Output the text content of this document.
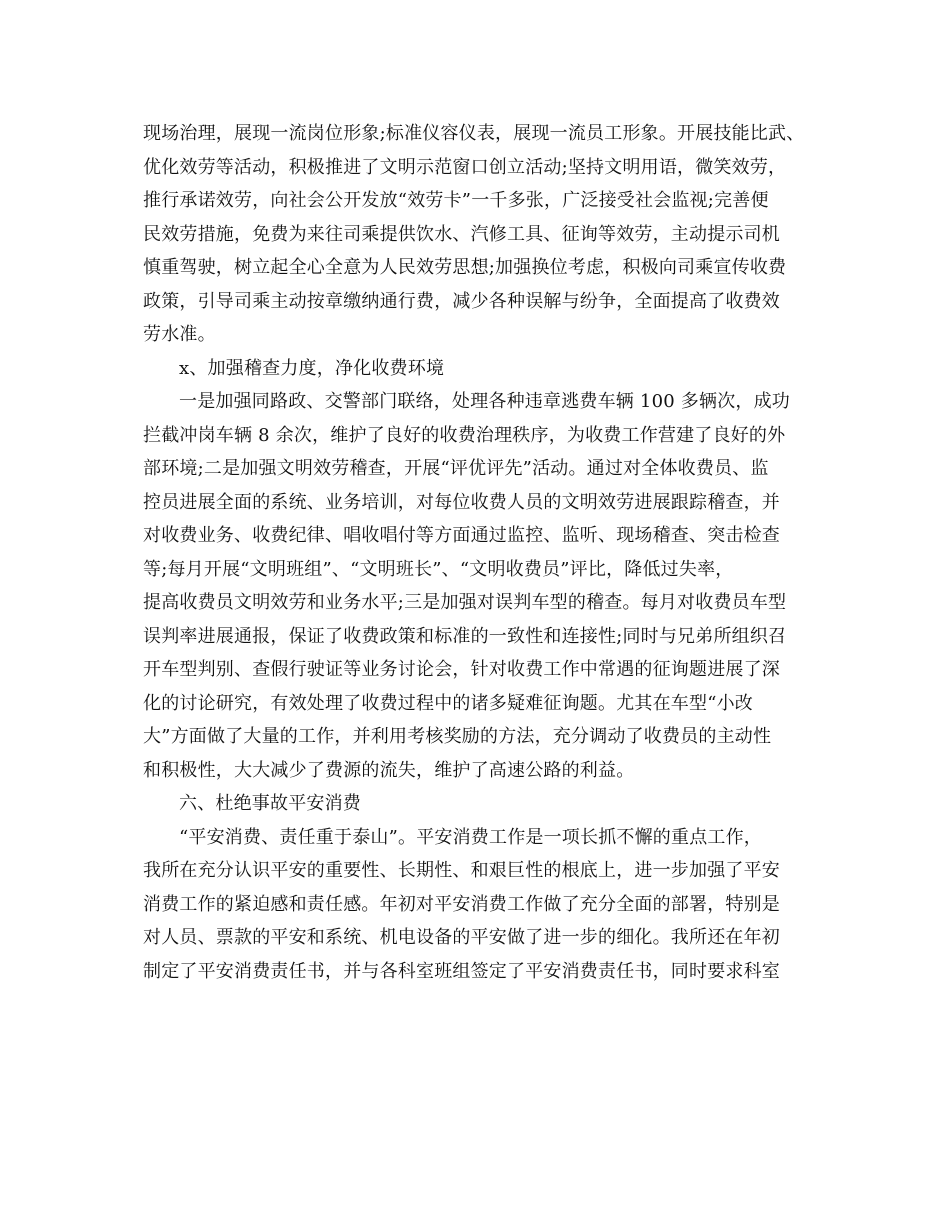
现场治理，展现一流岗位形象;标准仪容仪表，展现一流员工形象。开展技能比武、
优化效劳等活动，积极推进了文明示范窗口创立活动;坚持文明用语，微笑效劳，
推行承诺效劳，向社会公开发放“效劳卡”一千多张，广泛接受社会监视;完善便
民效劳措施，免费为来往司乘提供饮水、汽修工具、征询等效劳，主动提示司机
慎重驾驶，树立起全心全意为人民效劳思想;加强换位考虑，积极向司乘宣传收费
政策，引导司乘主动按章缴纳通行费，减少各种误解与纷争，全面提高了收费效
劳水准。
x、加强稽查力度，净化收费环境
一是加强同路政、交警部门联络，处理各种违章逃费车辆 100 多辆次，成功
拦截冲岗车辆 8 余次，维护了良好的收费治理秩序，为收费工作营建了良好的外
部环境;二是加强文明效劳稽查，开展“评优评先”活动。通过对全体收费员、监
控员进展全面的系统、业务培训，对每位收费人员的文明效劳进展跟踪稽查，并
对收费业务、收费纪律、唱收唱付等方面通过监控、监听、现场稽查、突击检查
等;每月开展“文明班组”、“文明班长”、“文明收费员”评比，降低过失率，
提高收费员文明效劳和业务水平;三是加强对误判车型的稽查。每月对收费员车型
误判率进展通报，保证了收费政策和标准的一致性和连接性;同时与兄弟所组织召
开车型判别、查假行驶证等业务讨论会，针对收费工作中常遇的征询题进展了深
化的讨论研究，有效处理了收费过程中的诸多疑难征询题。尤其在车型“小改
大”方面做了大量的工作，并利用考核奖励的方法，充分调动了收费员的主动性
和积极性，大大减少了费源的流失，维护了高速公路的利益。
六、杜绝事故平安消费
“平安消费、责任重于泰山”。平安消费工作是一项长抓不懈的重点工作，
我所在充分认识平安的重要性、长期性、和艰巨性的根底上，进一步加强了平安
消费工作的紧迫感和责任感。年初对平安消费工作做了充分全面的部署，特别是
对人员、票款的平安和系统、机电设备的平安做了进一步的细化。我所还在年初
制定了平安消费责任书，并与各科室班组签定了平安消费责任书，同时要求科室
